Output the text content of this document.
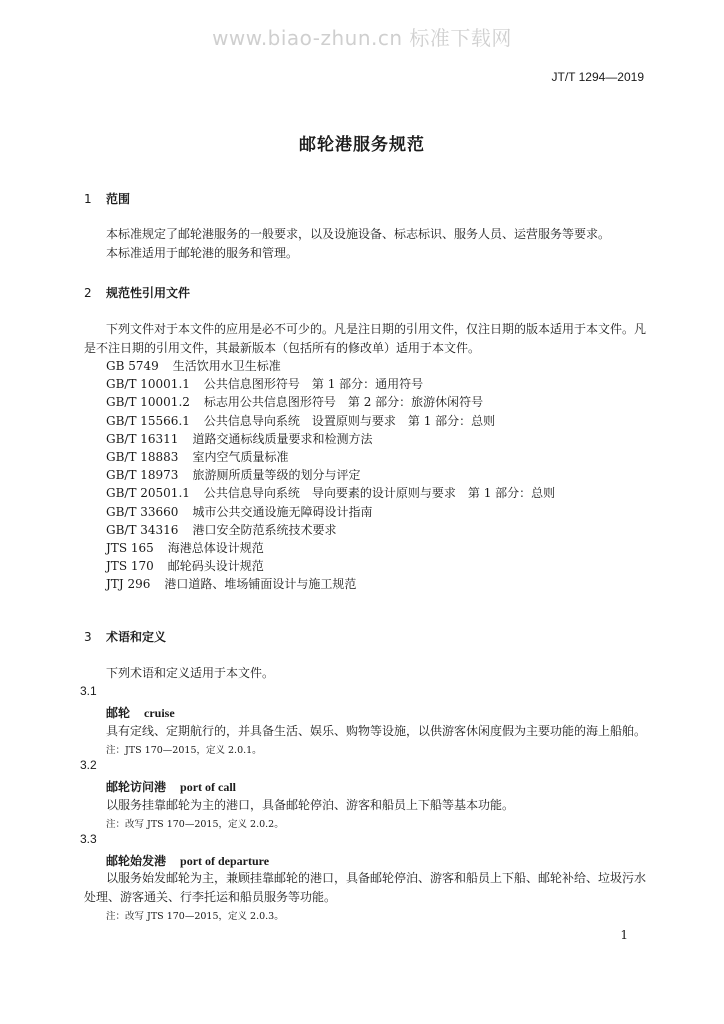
www.biao-zhun.cn 标准下载网
JT/T 1294—2019
邮轮港服务规范
1 范围
本标准规定了邮轮港服务的一般要求，以及设施设备、标志标识、服务人员、运营服务等要求。
本标准适用于邮轮港的服务和管理。
2 规范性引用文件
下列文件对于本文件的应用是必不可少的。凡是注日期的引用文件，仅注日期的版本适用于本文件。凡是不注日期的引用文件，其最新版本（包括所有的修改单）适用于本文件。
GB 5749 生活饮用水卫生标准
GB/T 10001.1 公共信息图形符号　第 1 部分：通用符号
GB/T 10001.2 标志用公共信息图形符号　第 2 部分：旅游休闲符号
GB/T 15566.1 公共信息导向系统　设置原则与要求　第 1 部分：总则
GB/T 16311 道路交通标线质量要求和检测方法
GB/T 18883 室内空气质量标准
GB/T 18973 旅游厕所质量等级的划分与评定
GB/T 20501.1 公共信息导向系统　导向要素的设计原则与要求　第 1 部分：总则
GB/T 33660 城市公共交通设施无障碍设计指南
GB/T 34316 港口安全防范系统技术要求
JTS 165 海港总体设计规范
JTS 170 邮轮码头设计规范
JTJ 296 港口道路、堆场铺面设计与施工规范
3 术语和定义
下列术语和定义适用于本文件。
3.1
邮轮 cruise
具有定线、定期航行的，并具备生活、娱乐、购物等设施，以供游客休闲度假为主要功能的海上船舶。
注：JTS 170—2015，定义 2.0.1。
3.2
邮轮访问港 port of call
以服务挂靠邮轮为主的港口，具备邮轮停泊、游客和船员上下船等基本功能。
注：改写 JTS 170—2015，定义 2.0.2。
3.3
邮轮始发港 port of departure
以服务始发邮轮为主，兼顾挂靠邮轮的港口，具备邮轮停泊、游客和船员上下船、邮轮补给、垃圾污水处理、游客通关、行李托运和船员服务等功能。
注：改写 JTS 170—2015，定义 2.0.3。
1
